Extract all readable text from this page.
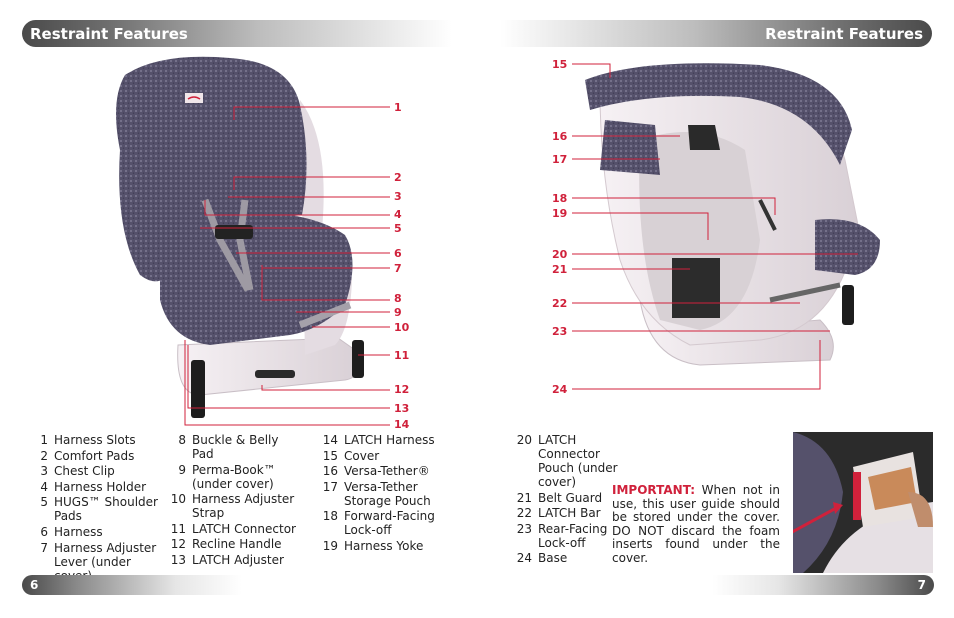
Restraint Features	Restraint Features
1
2
3
4
5
6
7
8
9
10
11
12
13
14
15
16
17
18
19
20
21
22
23
24
1 Harness Slots
2 Comfort Pads
3 Chest Clip
4 Harness Holder
5 HUGS™ Shoulder Pads
6 Harness
7 Harness Adjuster Lever (under
8 Buckle & Belly Pad
9 Perma-Book™ (under cover)
10 Harness Adjuster Strap
11 LATCH Connector
12 Recline Handle
13 LATCH Adjuster
14 LATCH Harness
15 Cover
16 Versa-Tether®
17 Versa-Tether Storage Pouch
18 Forward-Facing Lock-off
19 Harness Yoke
20 LATCH Connector Pouch (under cover)
21 Belt Guard
22 LATCH Bar
23 Rear-Facing Lock-off
24 Base
IMPORTANT: When not in use, this user guide should be stored under the cover. DO NOT discard the foam inserts found under the cover.
6	7
